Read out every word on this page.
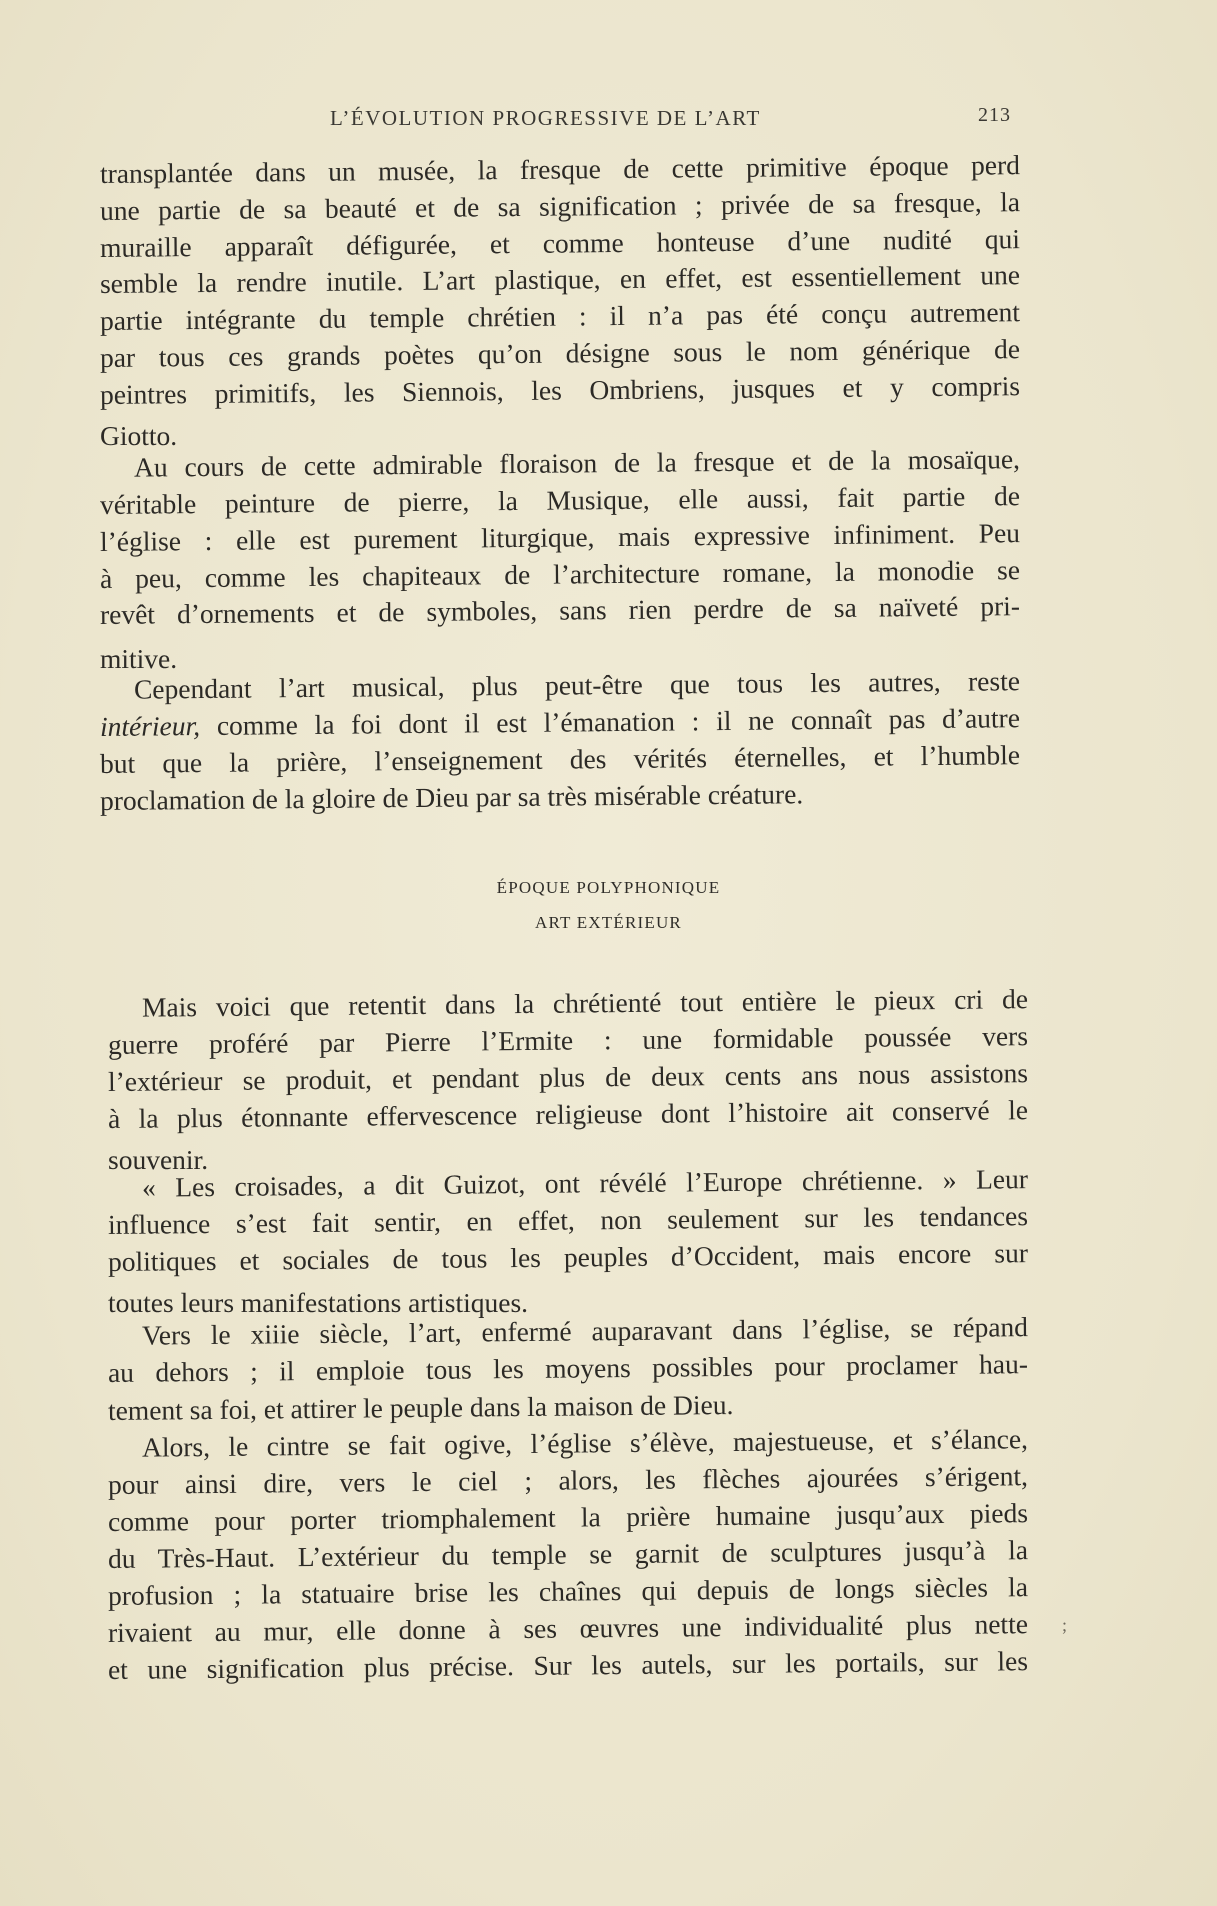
L’ÉVOLUTION PROGRESSIVE DE L’ART	213
transplantée dans un musée, la fresque de cette primitive époque perd
une partie de sa beauté et de sa signification ; privée de sa fresque, la
muraille apparaît défigurée, et comme honteuse d’une nudité qui
semble la rendre inutile. L’art plastique, en effet, est essentiellement une
partie intégrante du temple chrétien : il n’a pas été conçu autrement
par tous ces grands poètes qu’on désigne sous le nom générique de
peintres primitifs, les Siennois, les Ombriens, jusques et y compris
Giotto.
Au cours de cette admirable floraison de la fresque et de la mosaïque,
véritable peinture de pierre, la Musique, elle aussi, fait partie de
l’église : elle est purement liturgique, mais expressive infiniment. Peu
à peu, comme les chapiteaux de l’architecture romane, la monodie se
revêt d’ornements et de symboles, sans rien perdre de sa naïveté pri-
mitive.
Cependant l’art musical, plus peut-être que tous les autres, reste
intérieur, comme la foi dont il est l’émanation : il ne connaît pas d’autre
but que la prière, l’enseignement des vérités éternelles, et l’humble
proclamation de la gloire de Dieu par sa très misérable créature.
ÉPOQUE POLYPHONIQUE
ART EXTÉRIEUR
Mais voici que retentit dans la chrétienté tout entière le pieux cri de
guerre proféré par Pierre l’Ermite : une formidable poussée vers
l’extérieur se produit, et pendant plus de deux cents ans nous assistons
à la plus étonnante effervescence religieuse dont l’histoire ait conservé le
souvenir.
« Les croisades, a dit Guizot, ont révélé l’Europe chrétienne. » Leur
influence s’est fait sentir, en effet, non seulement sur les tendances
politiques et sociales de tous les peuples d’Occident, mais encore sur
toutes leurs manifestations artistiques.
Vers le xiiie siècle, l’art, enfermé auparavant dans l’église, se répand
au dehors ; il emploie tous les moyens possibles pour proclamer hau-
tement sa foi, et attirer le peuple dans la maison de Dieu.
Alors, le cintre se fait ogive, l’église s’élève, majestueuse, et s’élance,
pour ainsi dire, vers le ciel ; alors, les flèches ajourées s’érigent,
comme pour porter triomphalement la prière humaine jusqu’aux pieds
du Très-Haut. L’extérieur du temple se garnit de sculptures jusqu’à la
profusion ; la statuaire brise les chaînes qui depuis de longs siècles la
rivaient au mur, elle donne à ses œuvres une individualité plus nette
et une signification plus précise. Sur les autels, sur les portails, sur les
;
